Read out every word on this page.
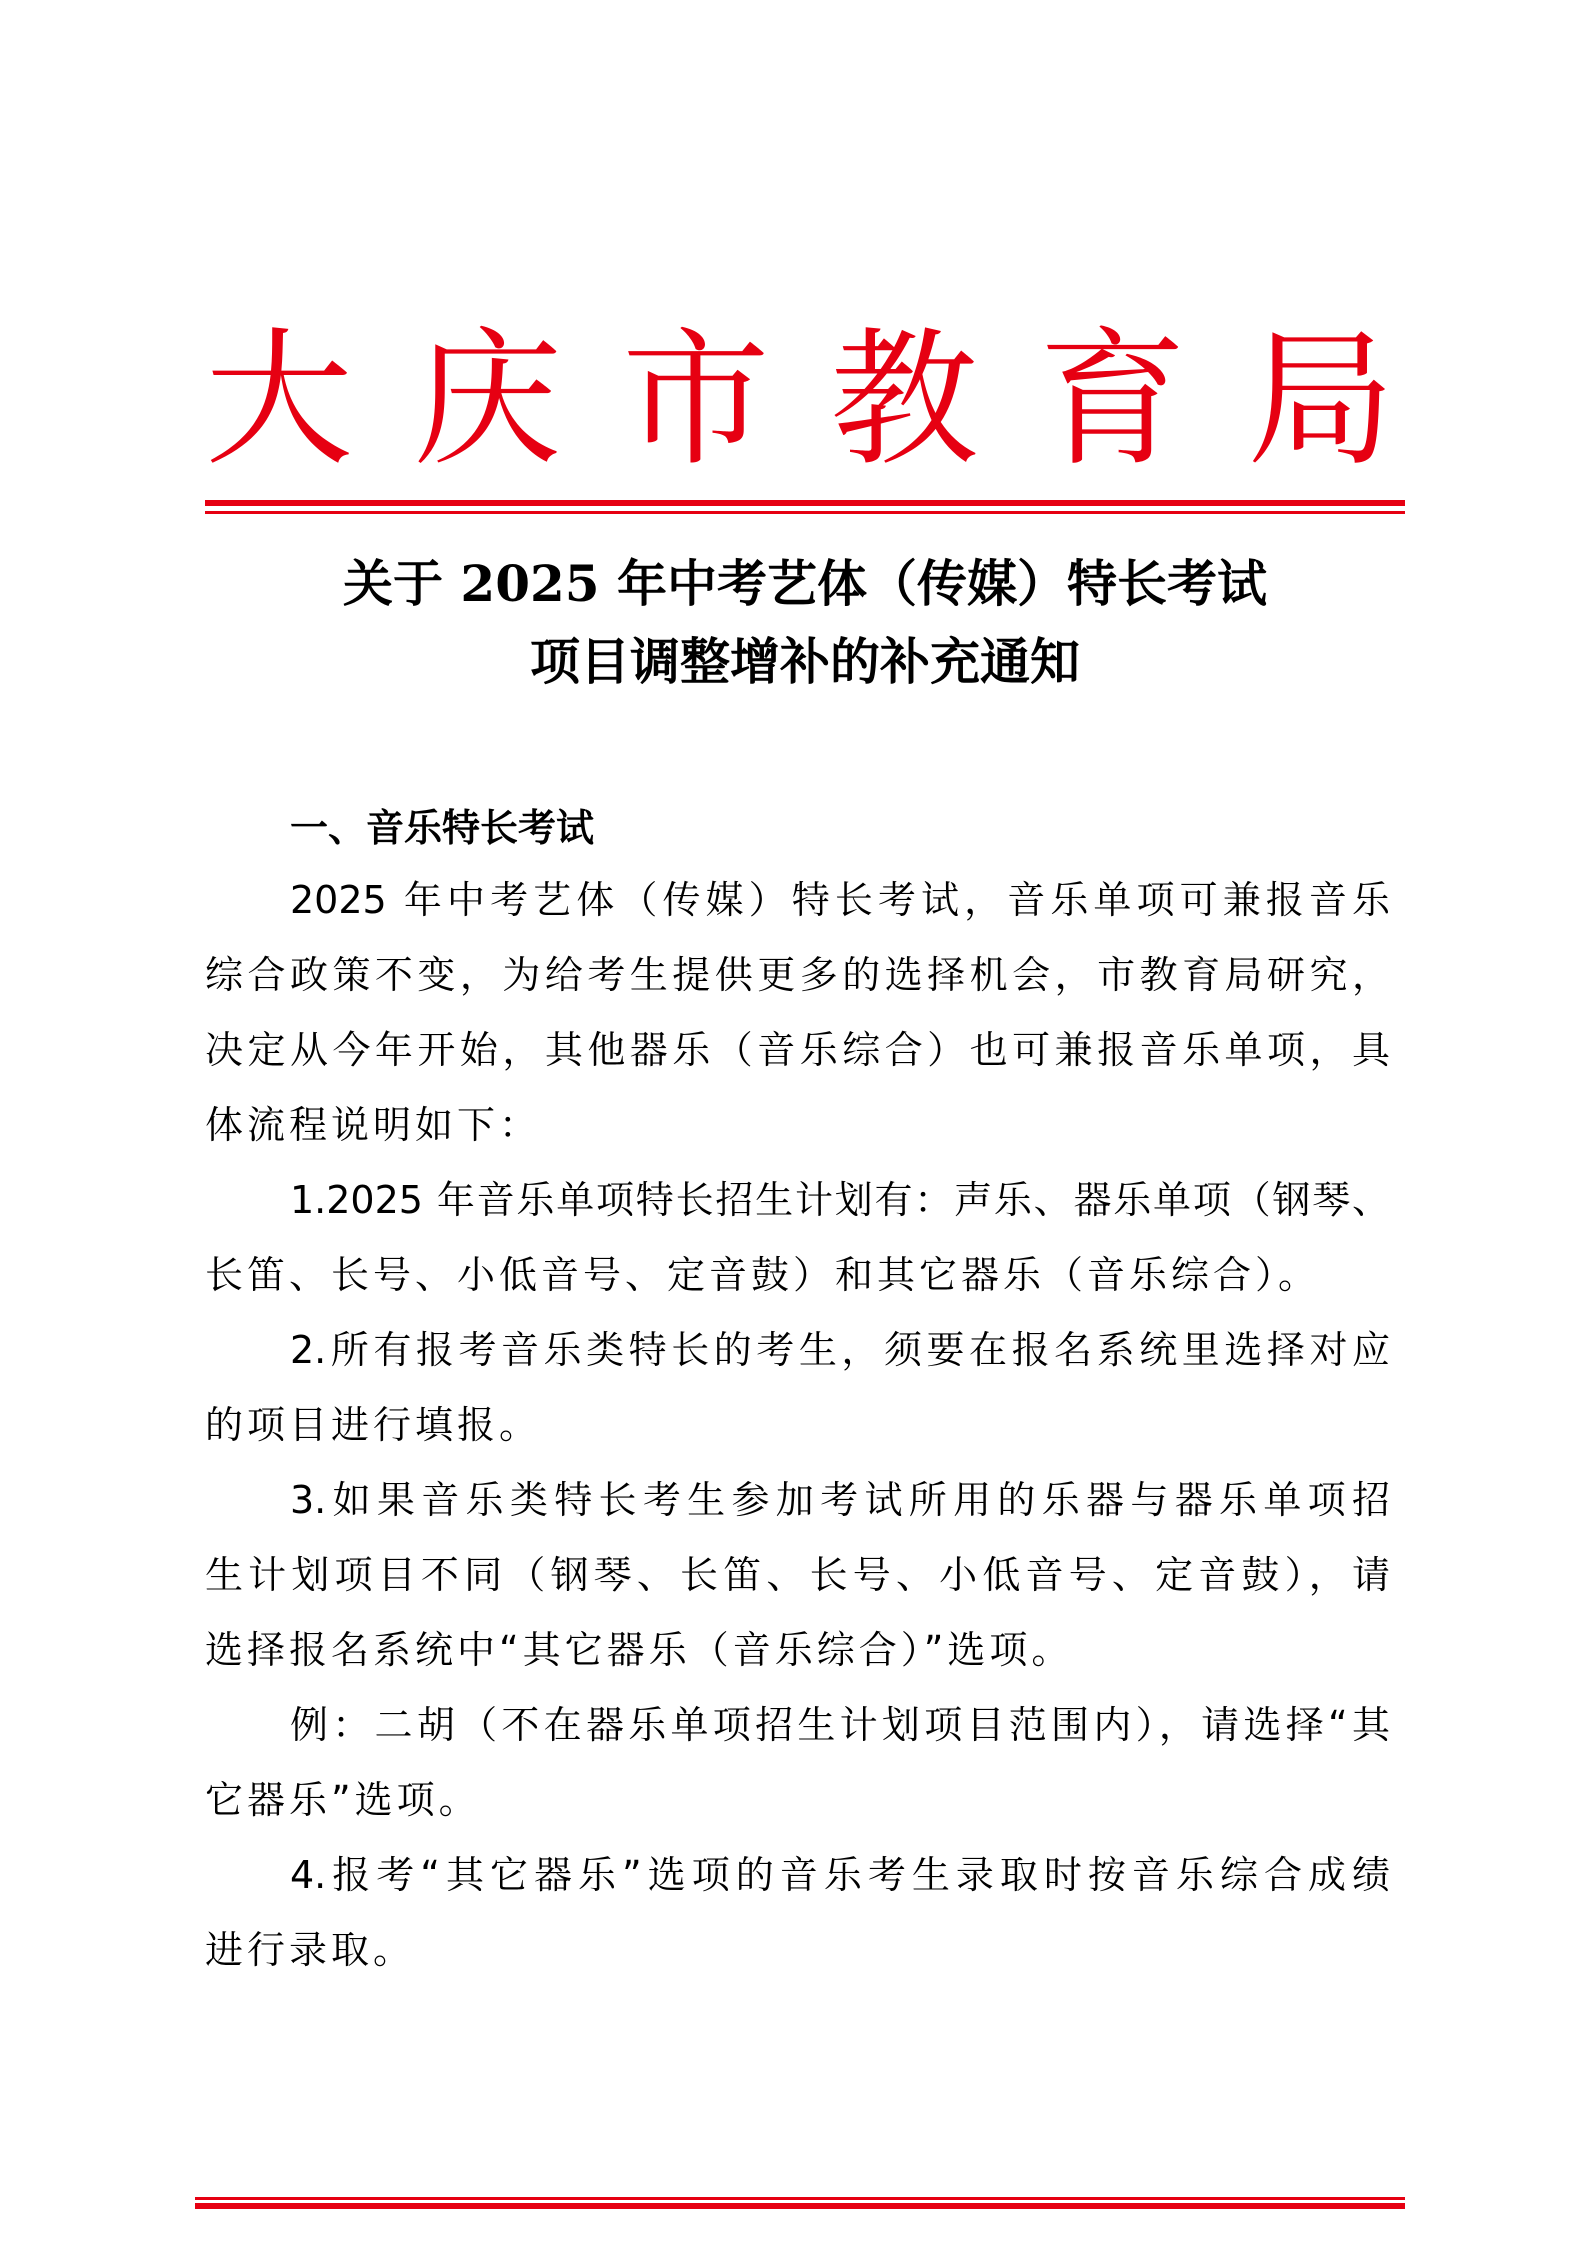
大 庆 市 教 育 局
关于 2025 年中考艺体（传媒）特长考试
项目调整增补的补充通知
一、音乐特长考试
2025 年中考艺体（传媒）特长考试，音乐单项可兼报音乐
综合政策不变，为给考生提供更多的选择机会，市教育局研究，
决定从今年开始，其他器乐（音乐综合）也可兼报音乐单项，具
体流程说明如下：
1.2025 年音乐单项特长招生计划有：声乐、器乐单项（钢琴、
长笛、长号、小低音号、定音鼓）和其它器乐（音乐综合）。
2.所有报考音乐类特长的考生，须要在报名系统里选择对应
的项目进行填报。
3.如果音乐类特长考生参加考试所用的乐器与器乐单项招
生计划项目不同（钢琴、长笛、长号、小低音号、定音鼓），请
选择报名系统中“其它器乐（音乐综合）”选项。
例：二胡（不在器乐单项招生计划项目范围内），请选择“其
它器乐”选项。
4.报考“其它器乐”选项的音乐考生录取时按音乐综合成绩
进行录取。
